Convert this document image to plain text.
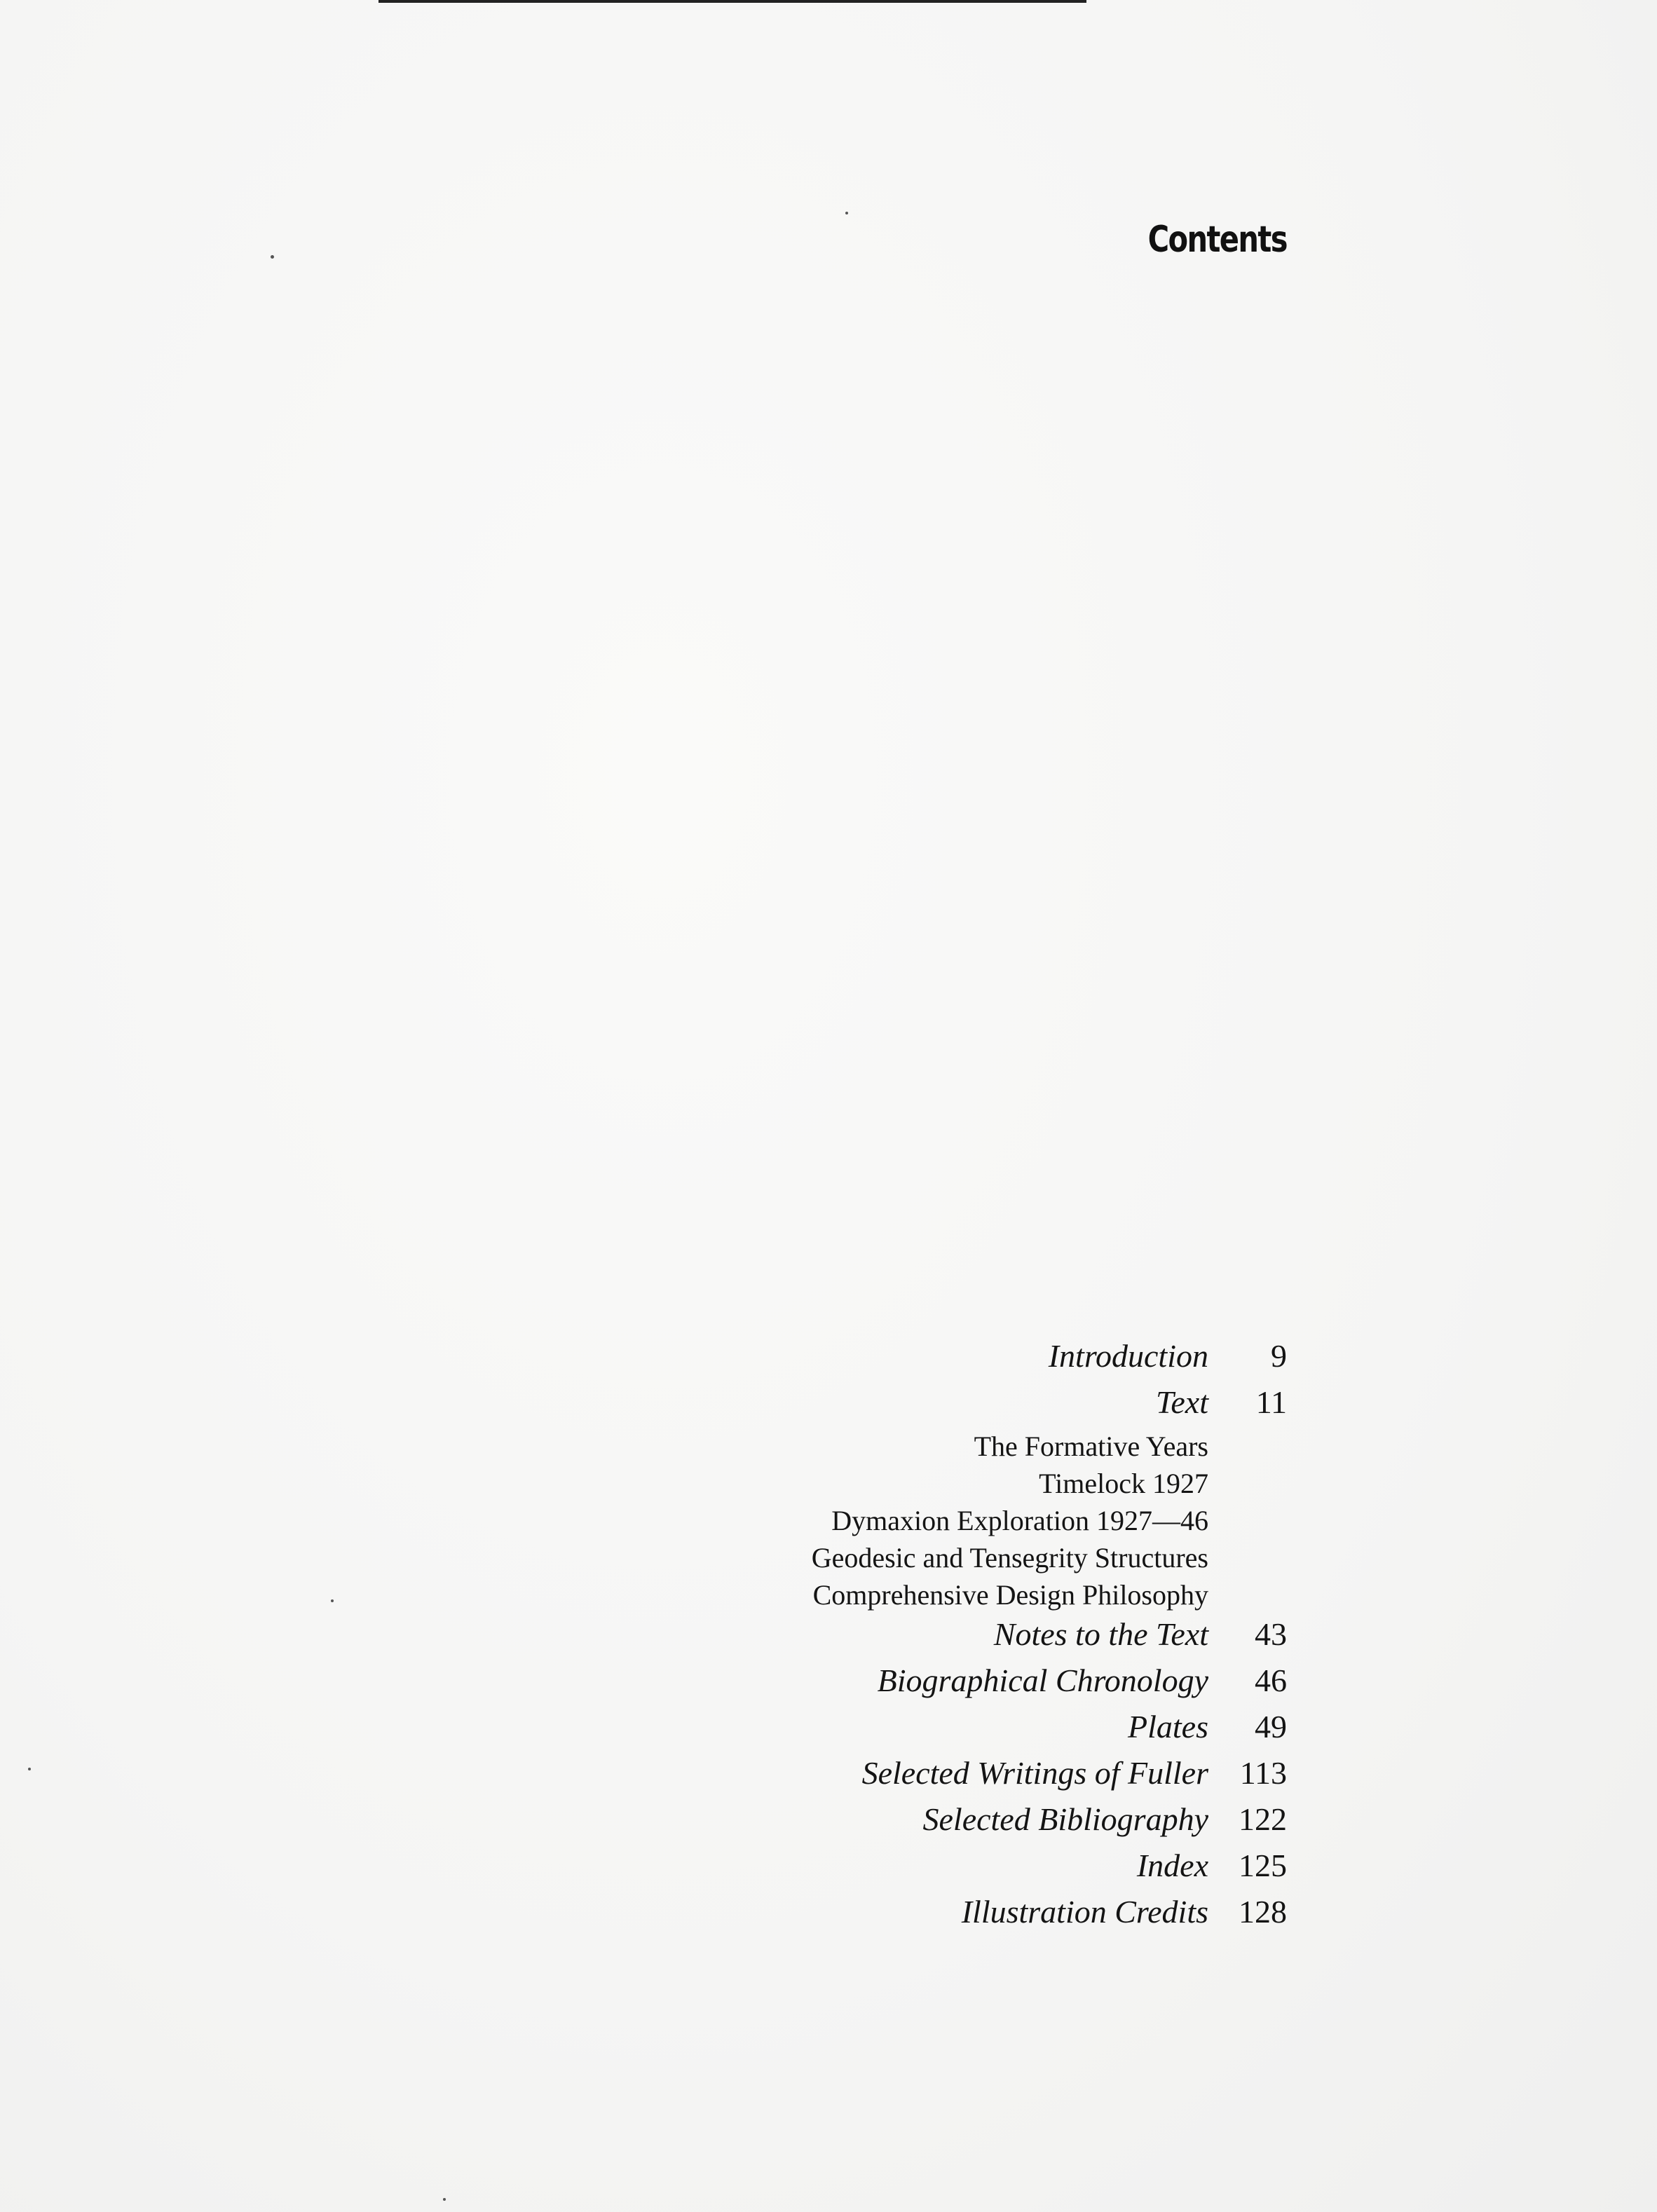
Contents
Introduction	9
Text	11
The Formative Years
Timelock 1927
Dymaxion Exploration 1927—46
Geodesic and Tensegrity Structures
Comprehensive Design Philosophy
Notes to the Text	43
Biographical Chronology	46
Plates	49
Selected Writings of Fuller 113
Selected Bibliography 122
Index 125
Illustration Credits 128
